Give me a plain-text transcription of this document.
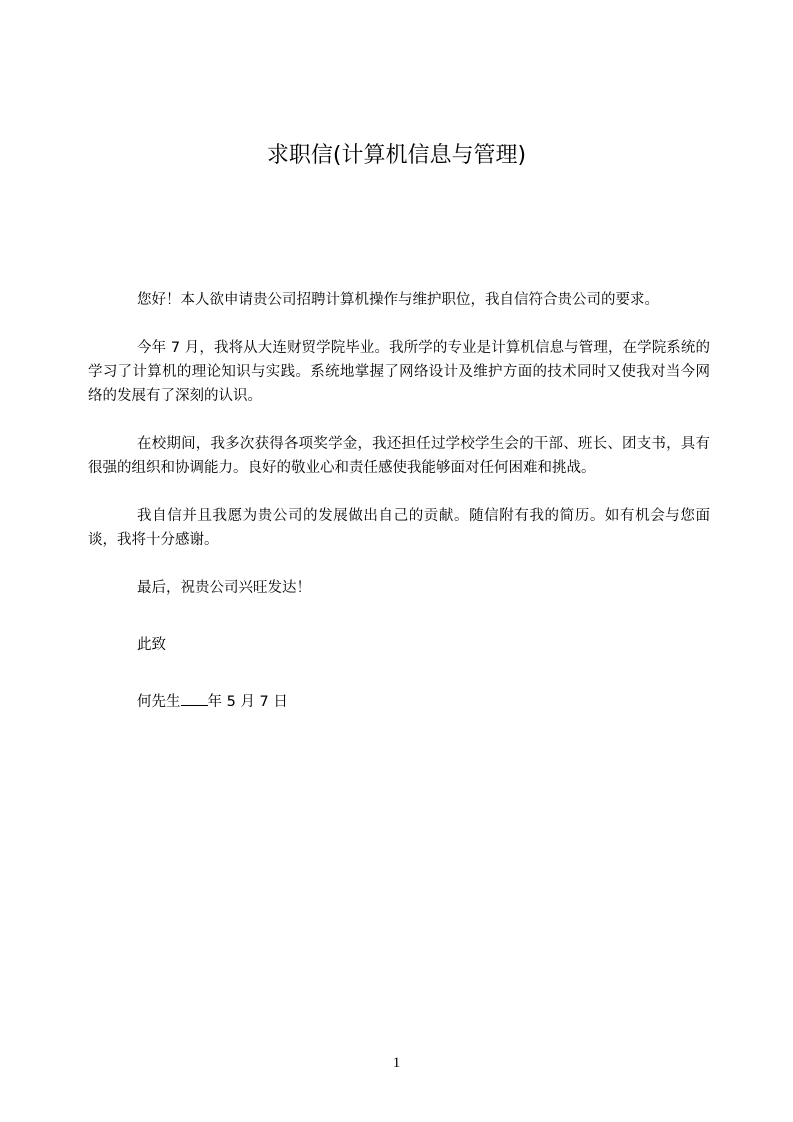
求职信(计算机信息与管理)

您好！本人欲申请贵公司招聘计算机操作与维护职位，我自信符合贵公司的要求。

今年 7 月，我将从大连财贸学院毕业。我所学的专业是计算机信息与管理，在学院系统的学习了计算机的理论知识与实践。系统地掌握了网络设计及维护方面的技术同时又使我对当今网络的发展有了深刻的认识。

在校期间，我多次获得各项奖学金，我还担任过学校学生会的干部、班长、团支书，具有很强的组织和协调能力。良好的敬业心和责任感使我能够面对任何困难和挑战。

我自信并且我愿为贵公司的发展做出自己的贡献。随信附有我的简历。如有机会与您面谈，我将十分感谢。

最后，祝贵公司兴旺发达！

此致

何先生 年 5 月 7 日

1
